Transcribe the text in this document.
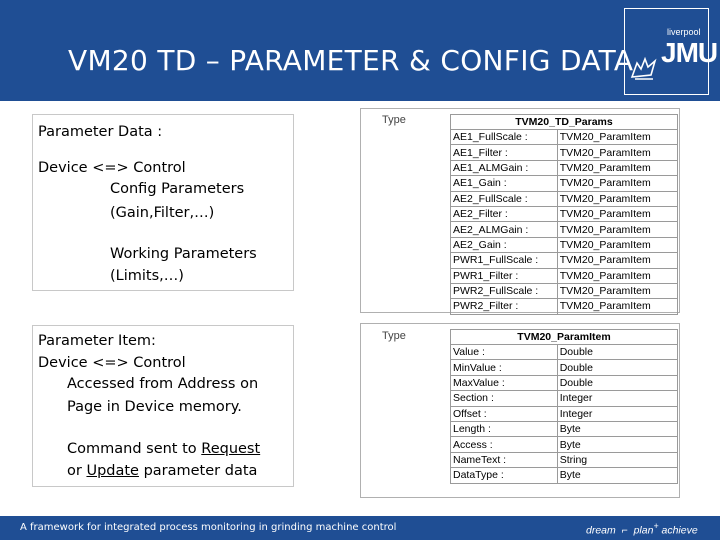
VM20 TD – PARAMETER & CONFIG DATA
liverpool
JMU
Parameter Data :
Device <=> Control
Config Parameters
(Gain,Filter,…)
Working Parameters
(Limits,…)
Parameter Item:
Device <=> Control
Accessed from Address on
Page in Device memory.
Command sent to Request
or Update parameter data
Type	TVM20_TD_Params	
AE1_FullScale :	TVM20_ParamItem
AE1_Filter :	TVM20_ParamItem
AE1_ALMGain :	TVM20_ParamItem
AE1_Gain :	TVM20_ParamItem
AE2_FullScale :	TVM20_ParamItem
AE2_Filter :	TVM20_ParamItem
AE2_ALMGain :	TVM20_ParamItem
AE2_Gain :	TVM20_ParamItem
PWR1_FullScale :	TVM20_ParamItem
PWR1_Filter :	TVM20_ParamItem
PWR2_FullScale :	TVM20_ParamItem
PWR2_Filter :	TVM20_ParamItem
Type	TVM20_ParamItem	
Value :	Double
MinValue :	Double
MaxValue :	Double
Section :	Integer
Offset :	Integer
Length :	Byte
Access :	Byte
NameText :	String
DataType :	Byte
A framework for integrated process monitoring in grinding machine control	dream  ⌐  plan+ achieve
